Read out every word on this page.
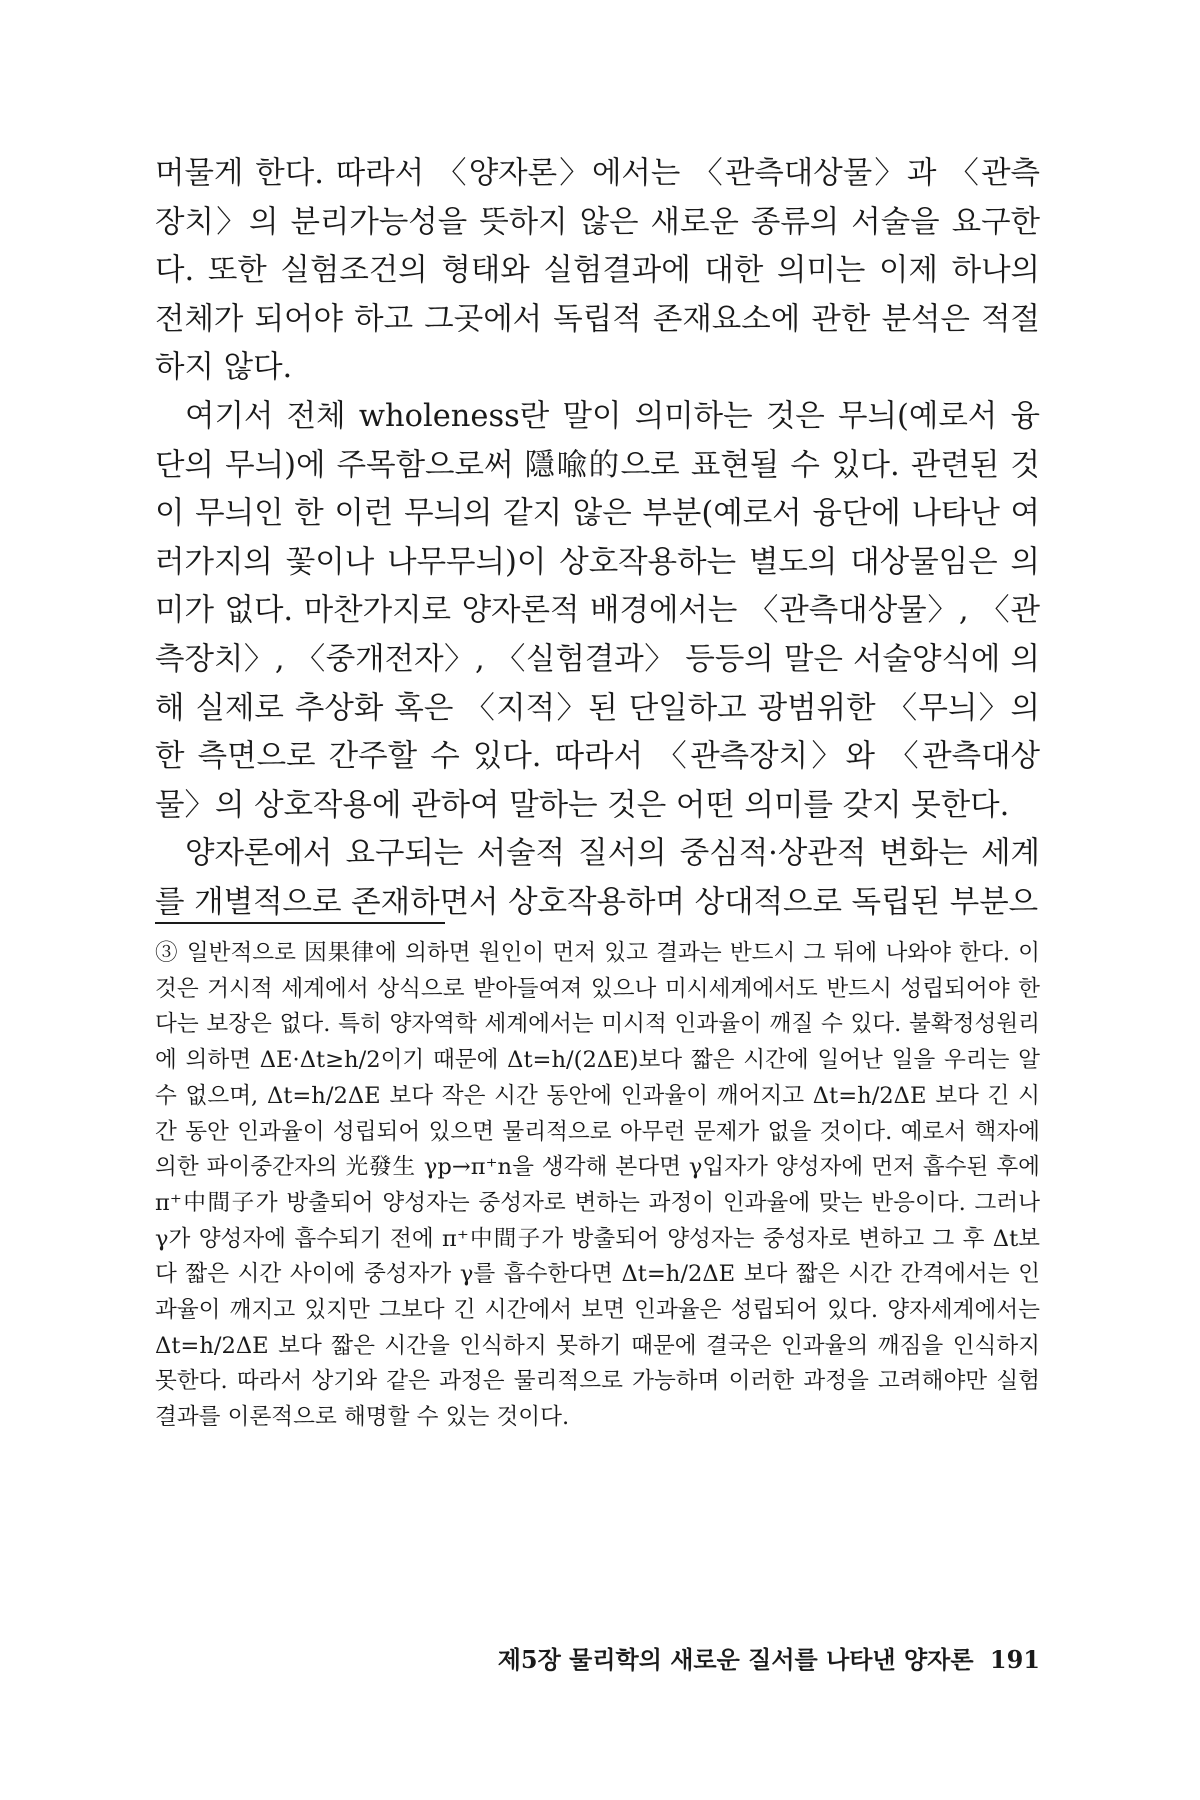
머물게 한다. 따라서 〈양자론〉에서는 〈관측대상물〉과 〈관측장치〉의 분리가능성을 뜻하지 않은 새로운 종류의 서술을 요구한다. 또한 실험조건의 형태와 실험결과에 대한 의미는 이제 하나의 전체가 되어야 하고 그곳에서 독립적 존재요소에 관한 분석은 적절하지 않다.

여기서 전체 wholeness란 말이 의미하는 것은 무늬(예로서 융단의 무늬)에 주목함으로써 隱喩的으로 표현될 수 있다. 관련된 것이 무늬인 한 이런 무늬의 같지 않은 부분(예로서 융단에 나타난 여러가지의 꽃이나 나무무늬)이 상호작용하는 별도의 대상물임은 의미가 없다. 마찬가지로 양자론적 배경에서는 〈관측대상물〉, 〈관측장치〉, 〈중개전자〉, 〈실험결과〉 등등의 말은 서술양식에 의해 실제로 추상화 혹은 〈지적〉된 단일하고 광범위한 〈무늬〉의 한 측면으로 간주할 수 있다. 따라서 〈관측장치〉와 〈관측대상물〉의 상호작용에 관하여 말하는 것은 어떤 의미를 갖지 못한다.

양자론에서 요구되는 서술적 질서의 중심적·상관적 변화는 세계를 개별적으로 존재하면서 상호작용하며 상대적으로 독립된 부분으

③ 일반적으로 因果律에 의하면 원인이 먼저 있고 결과는 반드시 그 뒤에 나와야 한다. 이것은 거시적 세계에서 상식으로 받아들여져 있으나 미시세계에서도 반드시 성립되어야 한다는 보장은 없다. 특히 양자역학 세계에서는 미시적 인과율이 깨질 수 있다. 불확정성원리에 의하면 ΔE·Δt≥h/2이기 때문에 Δt=h/(2ΔE)보다 짧은 시간에 일어난 일을 우리는 알 수 없으며, Δt=h/2ΔE 보다 작은 시간 동안에 인과율이 깨어지고 Δt=h/2ΔE 보다 긴 시간 동안 인과율이 성립되어 있으면 물리적으로 아무런 문제가 없을 것이다. 예로서 핵자에 의한 파이중간자의 光發生 γp→π⁺n을 생각해 본다면 γ입자가 양성자에 먼저 흡수된 후에 π⁺中間子가 방출되어 양성자는 중성자로 변하는 과정이 인과율에 맞는 반응이다. 그러나 γ가 양성자에 흡수되기 전에 π⁺中間子가 방출되어 양성자는 중성자로 변하고 그 후 Δt보다 짧은 시간 사이에 중성자가 γ를 흡수한다면 Δt=h/2ΔE 보다 짧은 시간 간격에서는 인과율이 깨지고 있지만 그보다 긴 시간에서 보면 인과율은 성립되어 있다. 양자세계에서는 Δt=h/2ΔE 보다 짧은 시간을 인식하지 못하기 때문에 결국은 인과율의 깨짐을 인식하지 못한다. 따라서 상기와 같은 과정은 물리적으로 가능하며 이러한 과정을 고려해야만 실험결과를 이론적으로 해명할 수 있는 것이다.

제5장 물리학의 새로운 질서를 나타낸 양자론 191
